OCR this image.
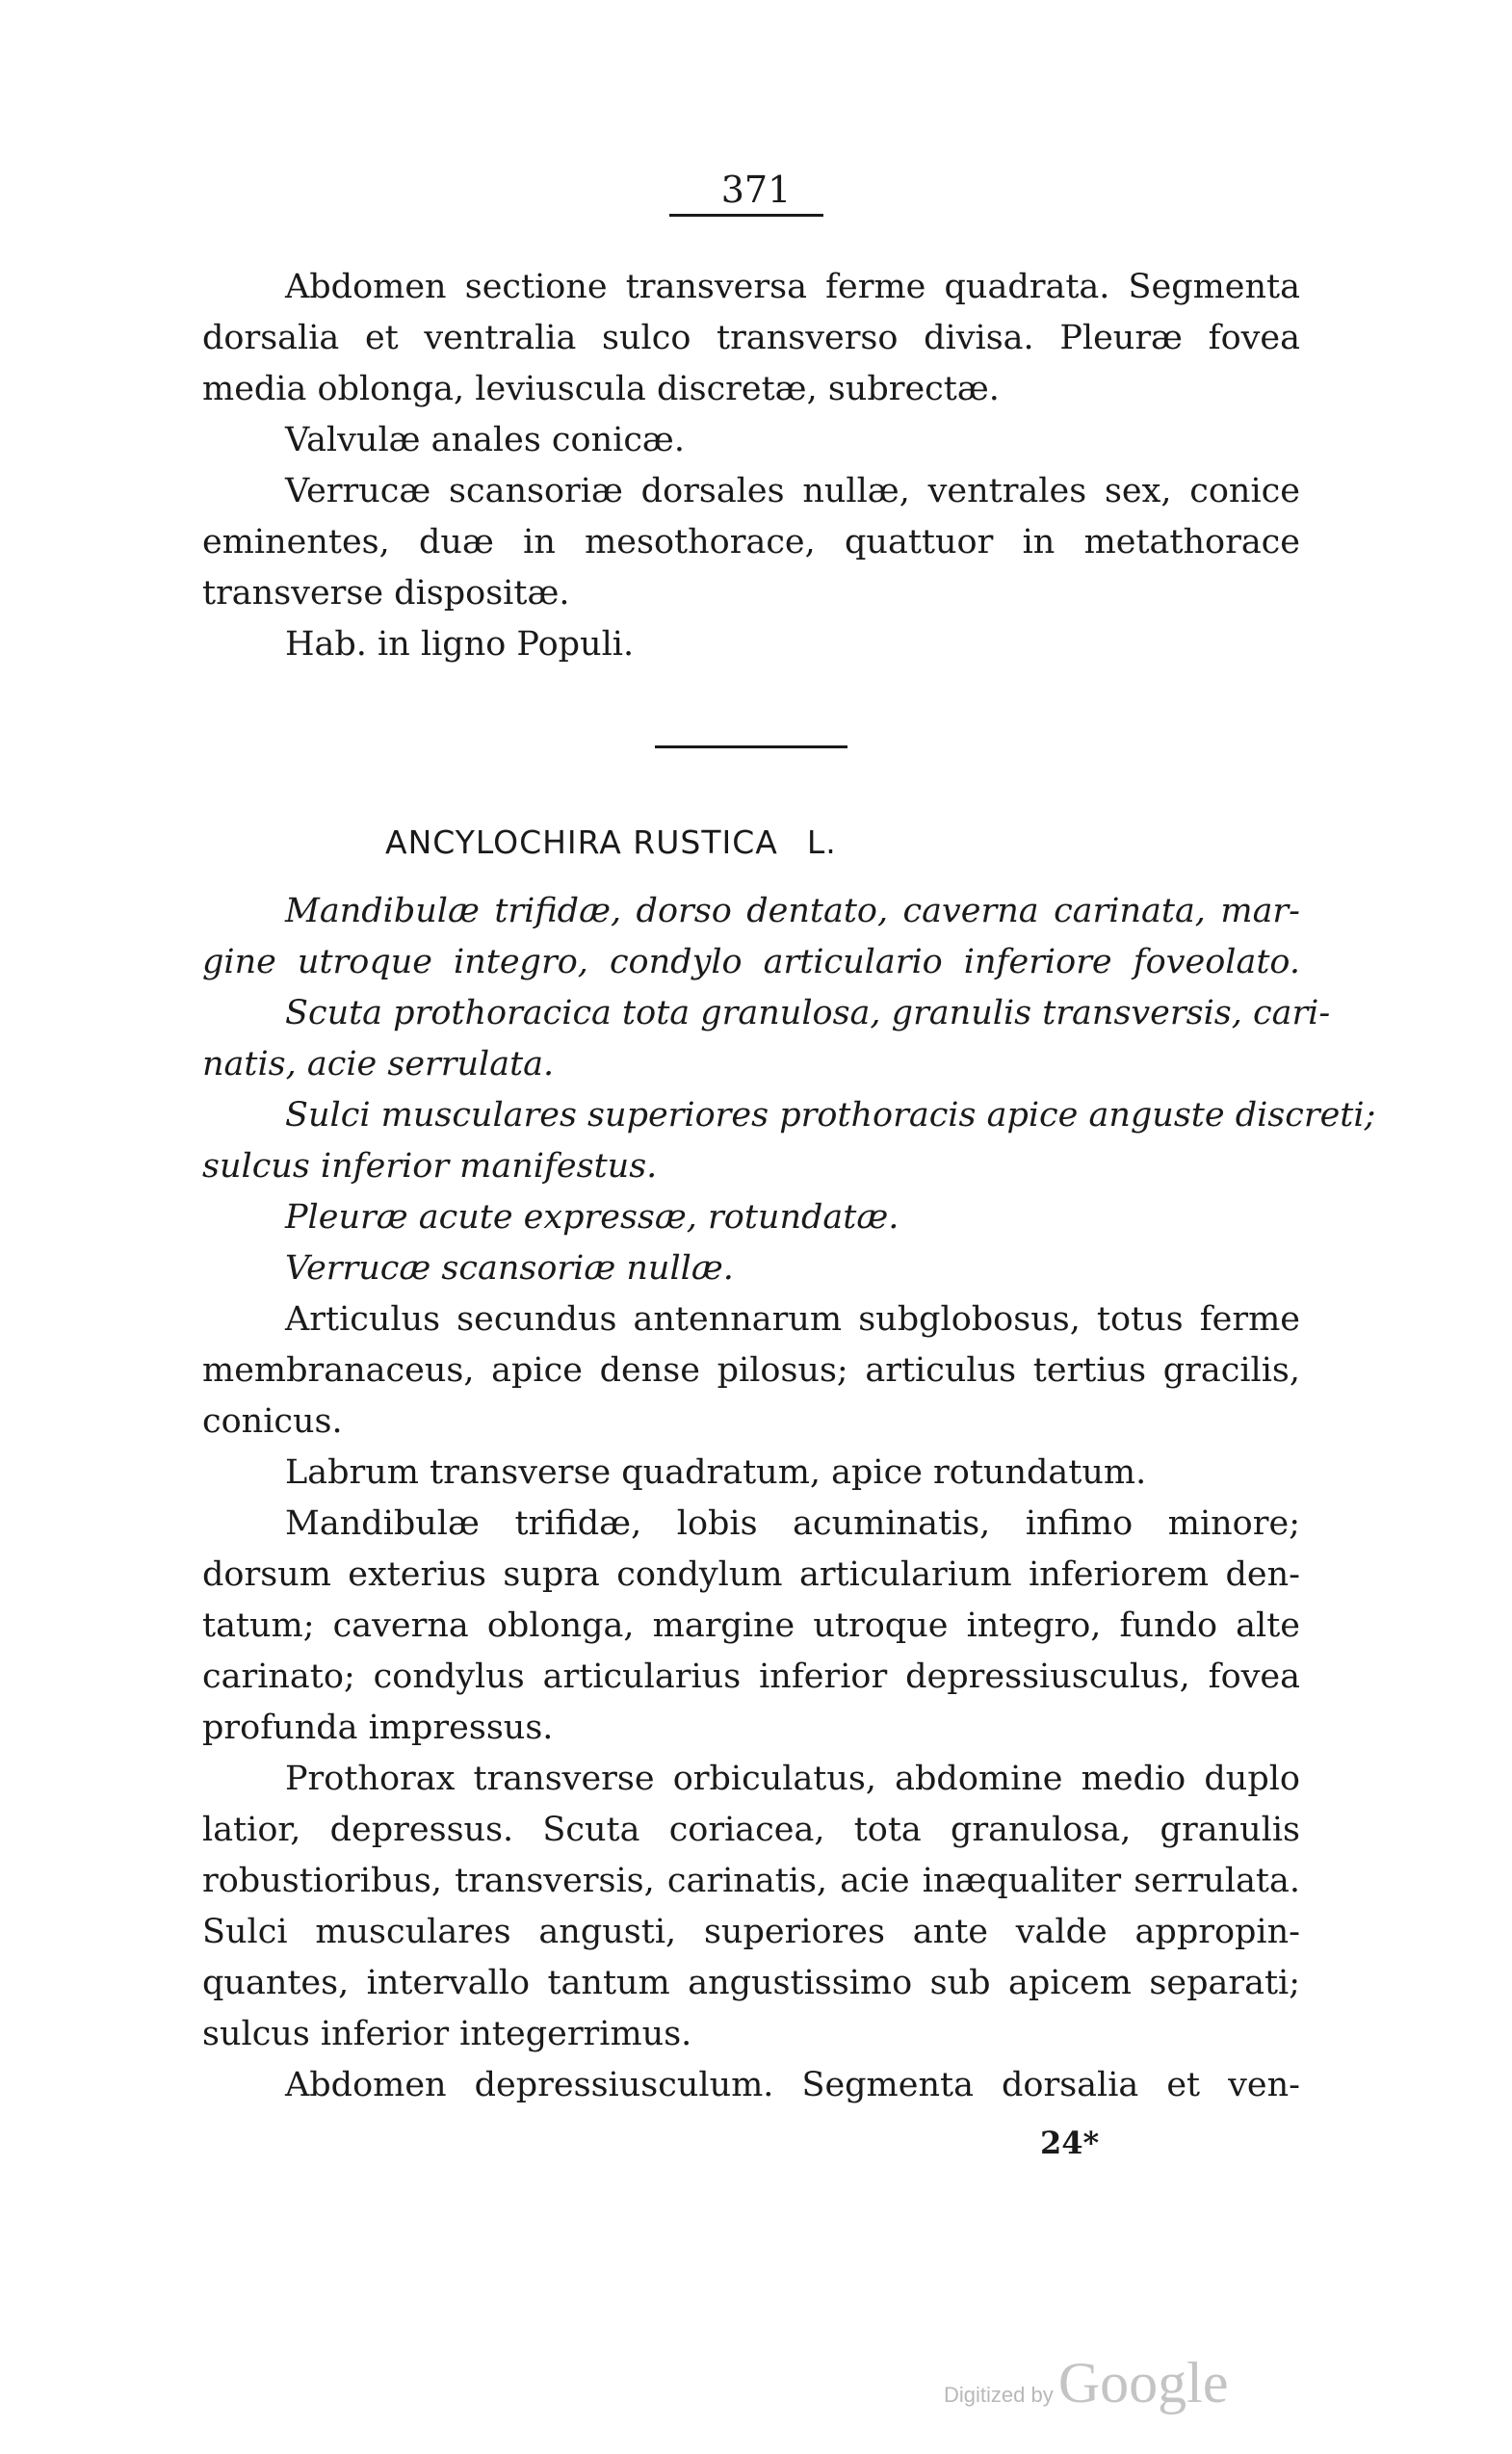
371
Abdomen sectione transversa ferme quadrata. Segmenta
dorsalia et ventralia sulco transverso divisa. Pleuræ fovea
media oblonga, leviuscula discretæ, subrectæ.
Valvulæ anales conicæ.
Verrucæ scansoriæ dorsales nullæ, ventrales sex, conice
eminentes, duæ in mesothorace, quattuor in metathorace
transverse dispositæ.
Hab. in ligno Populi.
ANCYLOCHIRA RUSTICA L.
Mandibulæ trifidæ, dorso dentato, caverna carinata, mar-
gine utroque integro, condylo articulario inferiore foveolato.
Scuta prothoracica tota granulosa, granulis transversis, cari-
natis, acie serrulata.
Sulci musculares superiores prothoracis apice anguste discreti;
sulcus inferior manifestus.
Pleuræ acute expressæ, rotundatæ.
Verrucæ scansoriæ nullæ.
Articulus secundus antennarum subglobosus, totus ferme
membranaceus, apice dense pilosus; articulus tertius gracilis,
conicus.
Labrum transverse quadratum, apice rotundatum.
Mandibulæ trifidæ, lobis acuminatis, infimo minore;
dorsum exterius supra condylum articularium inferiorem den-
tatum; caverna oblonga, margine utroque integro, fundo alte
carinato; condylus articularius inferior depressiusculus, fovea
profunda impressus.
Prothorax transverse orbiculatus, abdomine medio duplo
latior, depressus. Scuta coriacea, tota granulosa, granulis
robustioribus, transversis, carinatis, acie inæqualiter serrulata.
Sulci musculares angusti, superiores ante valde appropin-
quantes, intervallo tantum angustissimo sub apicem separati;
sulcus inferior integerrimus.
Abdomen depressiusculum. Segmenta dorsalia et ven-
24*
Digitized by Google
